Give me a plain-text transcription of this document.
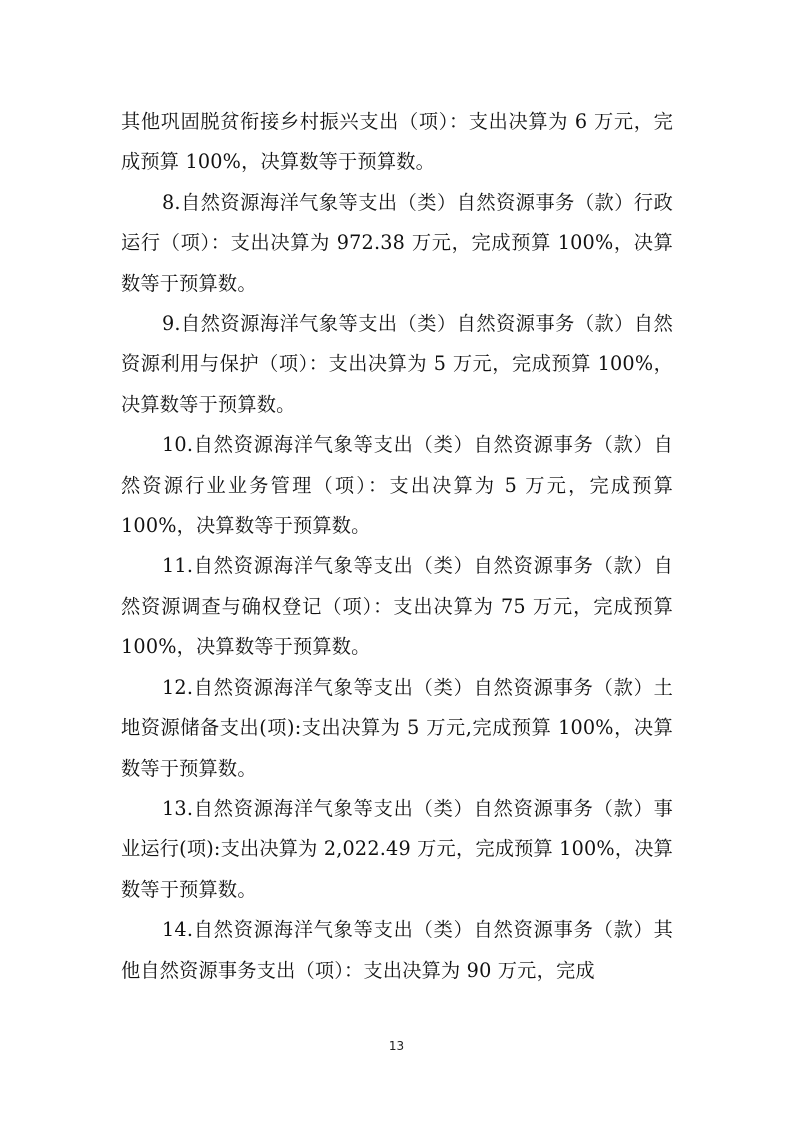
其他巩固脱贫衔接乡村振兴支出（项）：支出决算为 6 万元，完成预算 100%，决算数等于预算数。

8.自然资源海洋气象等支出（类）自然资源事务（款）行政运行（项）：支出决算为 972.38 万元，完成预算 100%，决算数等于预算数。

9.自然资源海洋气象等支出（类）自然资源事务（款）自然资源利用与保护（项）：支出决算为 5 万元，完成预算 100%，决算数等于预算数。

10.自然资源海洋气象等支出（类）自然资源事务（款）自然资源行业业务管理（项）：支出决算为 5 万元，完成预算 100%，决算数等于预算数。

11.自然资源海洋气象等支出（类）自然资源事务（款）自然资源调查与确权登记（项）：支出决算为 75 万元，完成预算 100%，决算数等于预算数。

12.自然资源海洋气象等支出（类）自然资源事务（款）土地资源储备支出(项):支出决算为 5 万元,完成预算 100%，决算数等于预算数。

13.自然资源海洋气象等支出（类）自然资源事务（款）事业运行(项):支出决算为 2,022.49 万元，完成预算 100%，决算数等于预算数。

14.自然资源海洋气象等支出（类）自然资源事务（款）其他自然资源事务支出（项）：支出决算为 90 万元，完成

13
